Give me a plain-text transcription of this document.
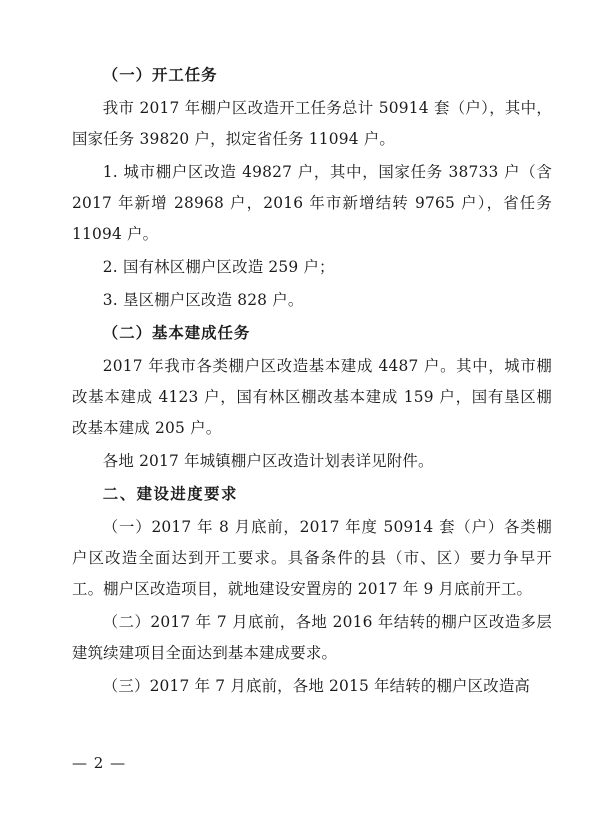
（一）开工任务

我市 2017 年棚户区改造开工任务总计 50914 套（户），其中，国家任务 39820 户，拟定省任务 11094 户。

1. 城市棚户区改造 49827 户，其中，国家任务 38733 户（含 2017 年新增 28968 户，2016 年市新增结转 9765 户），省任务 11094 户。

2. 国有林区棚户区改造 259 户；

3. 垦区棚户区改造 828 户。

（二）基本建成任务

2017 年我市各类棚户区改造基本建成 4487 户。其中，城市棚改基本建成 4123 户，国有林区棚改基本建成 159 户，国有垦区棚改基本建成 205 户。

各地 2017 年城镇棚户区改造计划表详见附件。

二、建设进度要求

（一）2017 年 8 月底前，2017 年度 50914 套（户）各类棚户区改造全面达到开工要求。具备条件的县（市、区）要力争早开工。棚户区改造项目，就地建设安置房的 2017 年 9 月底前开工。

（二）2017 年 7 月底前，各地 2016 年结转的棚户区改造多层建筑续建项目全面达到基本建成要求。

（三）2017 年 7 月底前，各地 2015 年结转的棚户区改造高

— 2 —
